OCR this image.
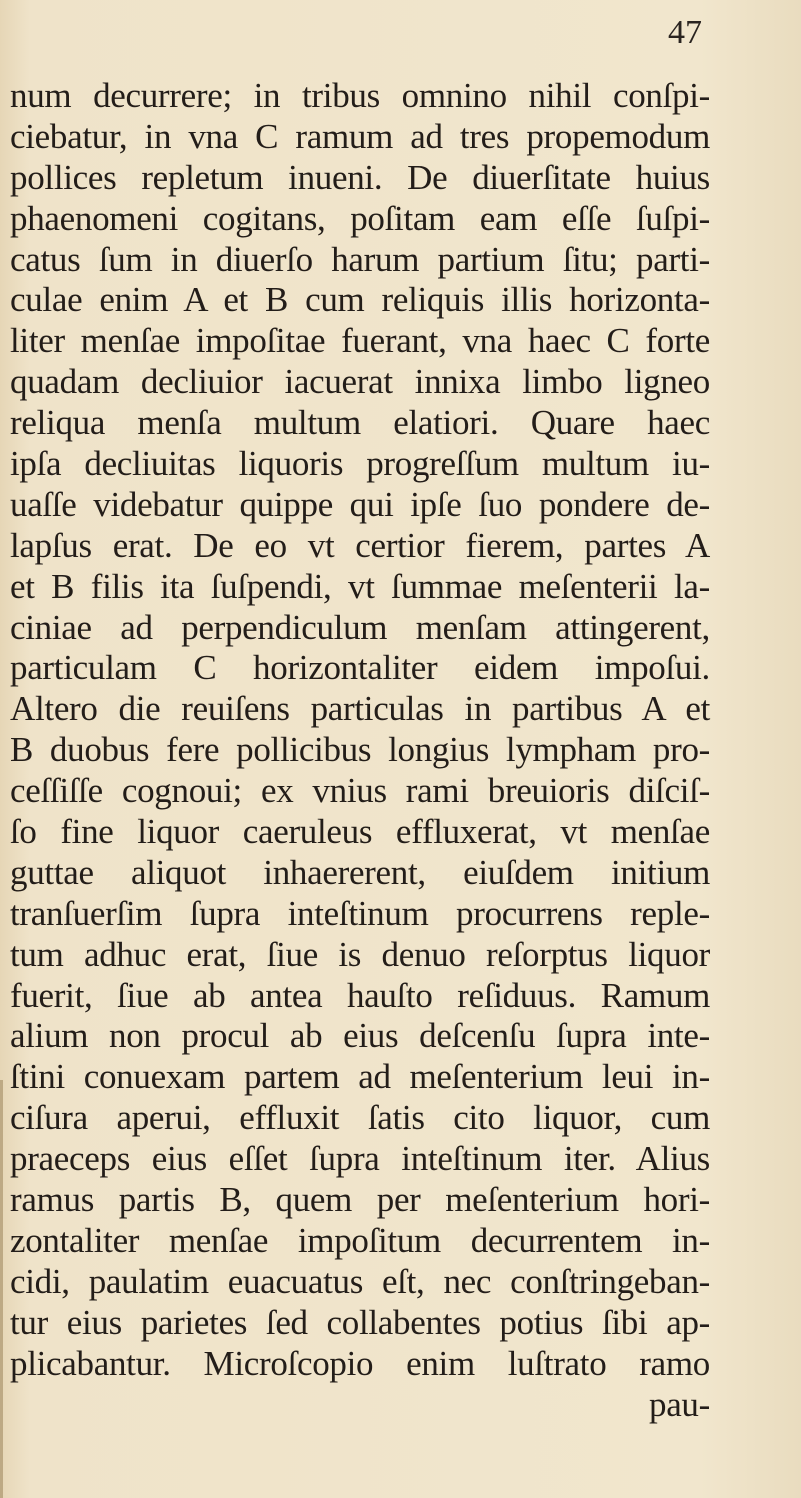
47
num decurrere; in tribus omnino nihil conſpi-
ciebatur, in vna C ramum ad tres propemodum
pollices repletum inueni. De diuerſitate huius
phaenomeni cogitans, poſitam eam eſſe ſuſpi-
catus ſum in diuerſo harum partium ſitu; parti-
culae enim A et B cum reliquis illis horizonta-
liter menſae impoſitae fuerant, vna haec C forte
quadam decliuior iacuerat innixa limbo ligneo
reliqua menſa multum elatiori. Quare haec
ipſa decliuitas liquoris progreſſum multum iu-
uaſſe videbatur quippe qui ipſe ſuo pondere de-
lapſus erat. De eo vt certior fierem, partes A
et B filis ita ſuſpendi, vt ſummae meſenterii la-
ciniae ad perpendiculum menſam attingerent,
particulam C horizontaliter eidem impoſui.
Altero die reuiſens particulas in partibus A et
B duobus fere pollicibus longius lympham pro-
ceſſiſſe cognoui; ex vnius rami breuioris diſciſ-
ſo fine liquor caeruleus effluxerat, vt menſae
guttae aliquot inhaererent, eiuſdem initium
tranſuerſim ſupra inteſtinum procurrens reple-
tum adhuc erat, ſiue is denuo reſorptus liquor
fuerit, ſiue ab antea hauſto reſiduus. Ramum
alium non procul ab eius deſcenſu ſupra inte-
ſtini conuexam partem ad meſenterium leui in-
ciſura aperui, effluxit ſatis cito liquor, cum
praeceps eius eſſet ſupra inteſtinum iter. Alius
ramus partis B, quem per meſenterium hori-
zontaliter menſae impoſitum decurrentem in-
cidi, paulatim euacuatus eſt, nec conſtringeban-
tur eius parietes ſed collabentes potius ſibi ap-
plicabantur. Microſcopio enim luſtrato ramo
pau-
